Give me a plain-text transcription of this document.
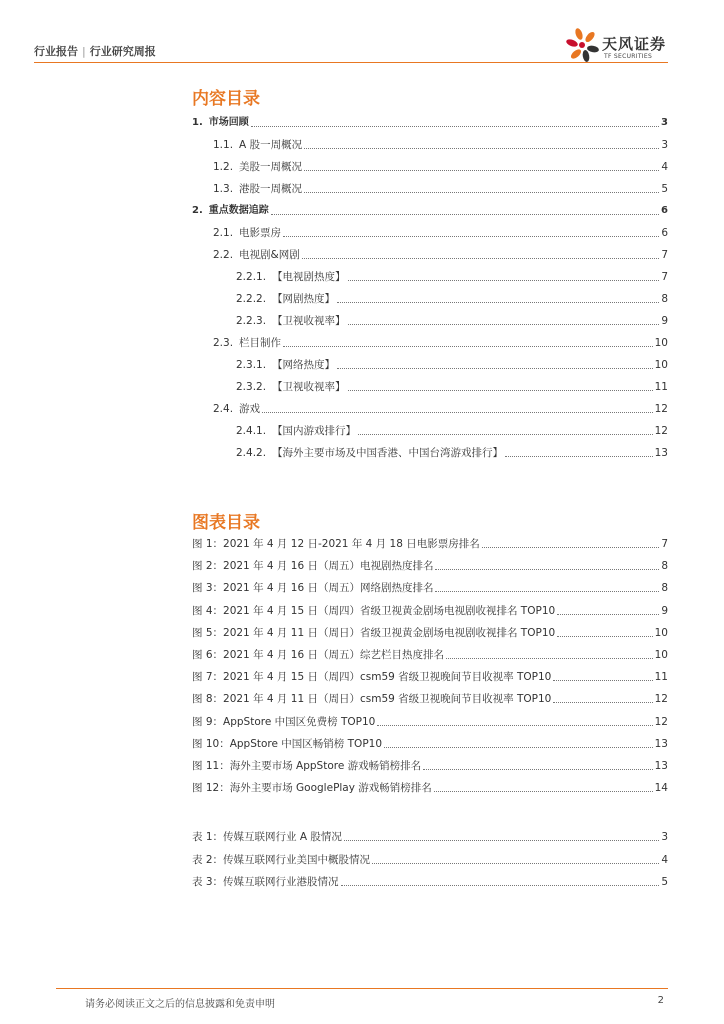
行业报告 | 行业研究周报	天风证券
TF SECURITIES
内容目录
1. 市场回顾	3
1.1. A 股一周概况	3
1.2. 美股一周概况	4
1.3. 港股一周概况	5
2. 重点数据追踪	6
2.1. 电影票房	6
2.2. 电视剧&网剧	7
2.2.1. 【电视剧热度】	7
2.2.2. 【网剧热度】	8
2.2.3. 【卫视收视率】	9
2.3. 栏目制作	10
2.3.1. 【网络热度】	10
2.3.2. 【卫视收视率】	11
2.4. 游戏	12
2.4.1. 【国内游戏排行】	12
2.4.2. 【海外主要市场及中国香港、中国台湾游戏排行】	13
图表目录
图 1：2021 年 4 月 12 日-2021 年 4 月 18 日电影票房排名	7
图 2：2021 年 4 月 16 日（周五）电视剧热度排名	8
图 3：2021 年 4 月 16 日（周五）网络剧热度排名	8
图 4：2021 年 4 月 15 日（周四）省级卫视黄金剧场电视剧收视排名 TOP10	9
图 5：2021 年 4 月 11 日（周日）省级卫视黄金剧场电视剧收视排名 TOP10	10
图 6：2021 年 4 月 16 日（周五）综艺栏目热度排名	10
图 7：2021 年 4 月 15 日（周四）csm59 省级卫视晚间节目收视率 TOP10	11
图 8：2021 年 4 月 11 日（周日）csm59 省级卫视晚间节目收视率 TOP10	12
图 9：AppStore 中国区免费榜 TOP10	12
图 10：AppStore 中国区畅销榜 TOP10	13
图 11：海外主要市场 AppStore 游戏畅销榜排名	13
图 12：海外主要市场 GooglePlay 游戏畅销榜排名	14
表 1：传媒互联网行业 A 股情况	3
表 2：传媒互联网行业美国中概股情况	4
表 3：传媒互联网行业港股情况	5
请务必阅读正文之后的信息披露和免责申明	2
